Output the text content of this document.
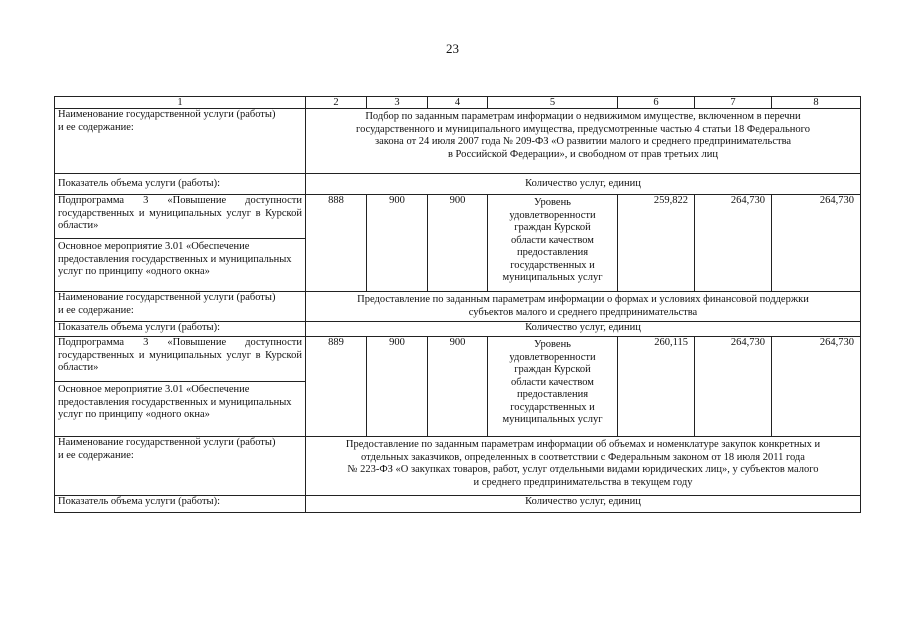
23
1	2	3	4	5	6	7	8

Наименование государственной услуги (работы)
и ее содержание:	Подбор по заданным параметрам информации о недвижимом имуществе, включенном в перечни
государственного и муниципального имущества, предусмотренные частью 4 статьи 18 Федерального
закона от 24 июля 2007 года № 209-ФЗ «О развитии малого и среднего предпринимательства
в Российской Федерации», и свободном от прав третьих лиц						

Показатель объема услуги (работы):	Количество услуг, единиц						
Подпрограмма 3 «Повышение доступности государственных и муниципальных услуг в Курской области»	888	900	900	Уровень удовлетворенности граждан Курской области качеством предоставления государственных и муниципальных услуг	259,822	264,730	264,730
Основное мероприятие 3.01 «Обеспечение предоставления государственных и муниципальных услуг по принципу «одного окна»							

Наименование государственной услуги (работы)
и ее содержание:	Предоставление по заданным параметрам информации о формах и условиях финансовой поддержки
субъектов малого и среднего предпринимательства						

Показатель объема услуги (работы):	Количество услуг, единиц						
Подпрограмма 3 «Повышение доступности государственных и муниципальных услуг в Курской области»	889	900	900	Уровень удовлетворенности граждан Курской области качеством предоставления государственных и муниципальных услуг	260,115	264,730	264,730
Основное мероприятие 3.01 «Обеспечение предоставления государственных и муниципальных услуг по принципу «одного окна»							

Наименование государственной услуги (работы)
и ее содержание:	Предоставление по заданным параметрам информации об объемах и номенклатуре закупок конкретных и
отдельных заказчиков, определенных в соответствии с Федеральным законом от 18 июля 2011 года
№ 223-ФЗ «О закупках товаров, работ, услуг отдельными видами юридических лиц», у субъектов малого
и среднего предпринимательства в текущем году						

Показатель объема услуги (работы):	Количество услуг, единиц						
